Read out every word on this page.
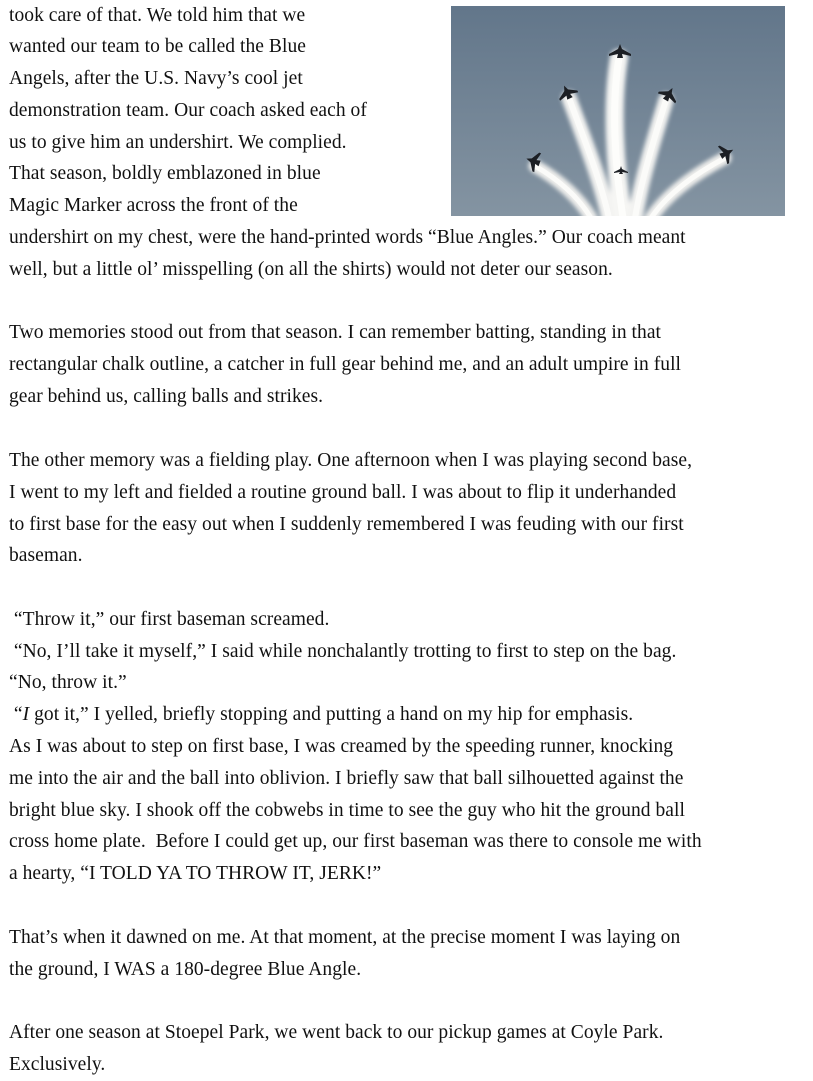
took care of that. We told him that we
wanted our team to be called the Blue
Angels, after the U.S. Navy’s cool jet
demonstration team. Our coach asked each of
us to give him an undershirt. We complied.
That season, boldly emblazoned in blue
Magic Marker across the front of the
undershirt on my chest, were the hand-printed words “Blue Angles.” Our coach meant
well, but a little ol’ misspelling (on all the shirts) would not deter our season.
Two memories stood out from that season. I can remember batting, standing in that
rectangular chalk outline, a catcher in full gear behind me, and an adult umpire in full
gear behind us, calling balls and strikes.
The other memory was a fielding play. One afternoon when I was playing second base,
I went to my left and fielded a routine ground ball. I was about to flip it underhanded
to first base for the easy out when I suddenly remembered I was feuding with our first
baseman.
“Throw it,” our first baseman screamed.
“No, I’ll take it myself,” I said while nonchalantly trotting to first to step on the bag.
“No, throw it.”
“I got it,” I yelled, briefly stopping and putting a hand on my hip for emphasis.
As I was about to step on first base, I was creamed by the speeding runner, knocking
me into the air and the ball into oblivion. I briefly saw that ball silhouetted against the
bright blue sky. I shook off the cobwebs in time to see the guy who hit the ground ball
cross home plate.  Before I could get up, our first baseman was there to console me with
a hearty, “I TOLD YA TO THROW IT, JERK!”
That’s when it dawned on me. At that moment, at the precise moment I was laying on
the ground, I WAS a 180-degree Blue Angle.
After one season at Stoepel Park, we went back to our pickup games at Coyle Park.
Exclusively.
